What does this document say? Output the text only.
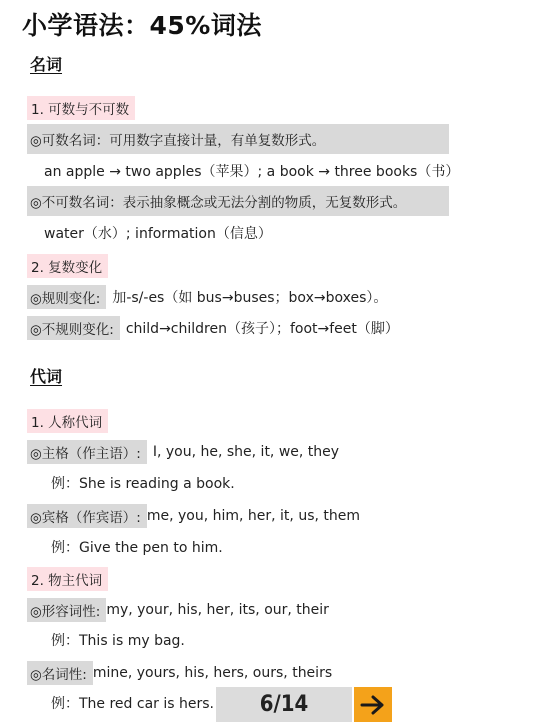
小学语法：45%词法
名词
1. 可数与不可数
◎可数名词：可用数字直接计量，有单复数形式。
an apple → two apples（苹果）; a book → three books（书）
◎不可数名词：表示抽象概念或无法分割的物质，无复数形式。
water（水）; information（信息）
2. 复数变化
◎规则变化: 加-s/-es（如 bus→buses；box→boxes）。
◎不规则变化: child→children（孩子）；foot→feet（脚）
代词
1. 人称代词
◎主格（作主语）: I, you, he, she, it, we, they
例：She is reading a book.
◎宾格（作宾语）: me, you, him, her, it, us, them
例：Give the pen to him.
2. 物主代词
◎形容词性: my, your, his, her, its, our, their
例：This is my bag.
◎名词性: mine, yours, his, hers, ours, theirs
例：The red car is hers. 6/14
